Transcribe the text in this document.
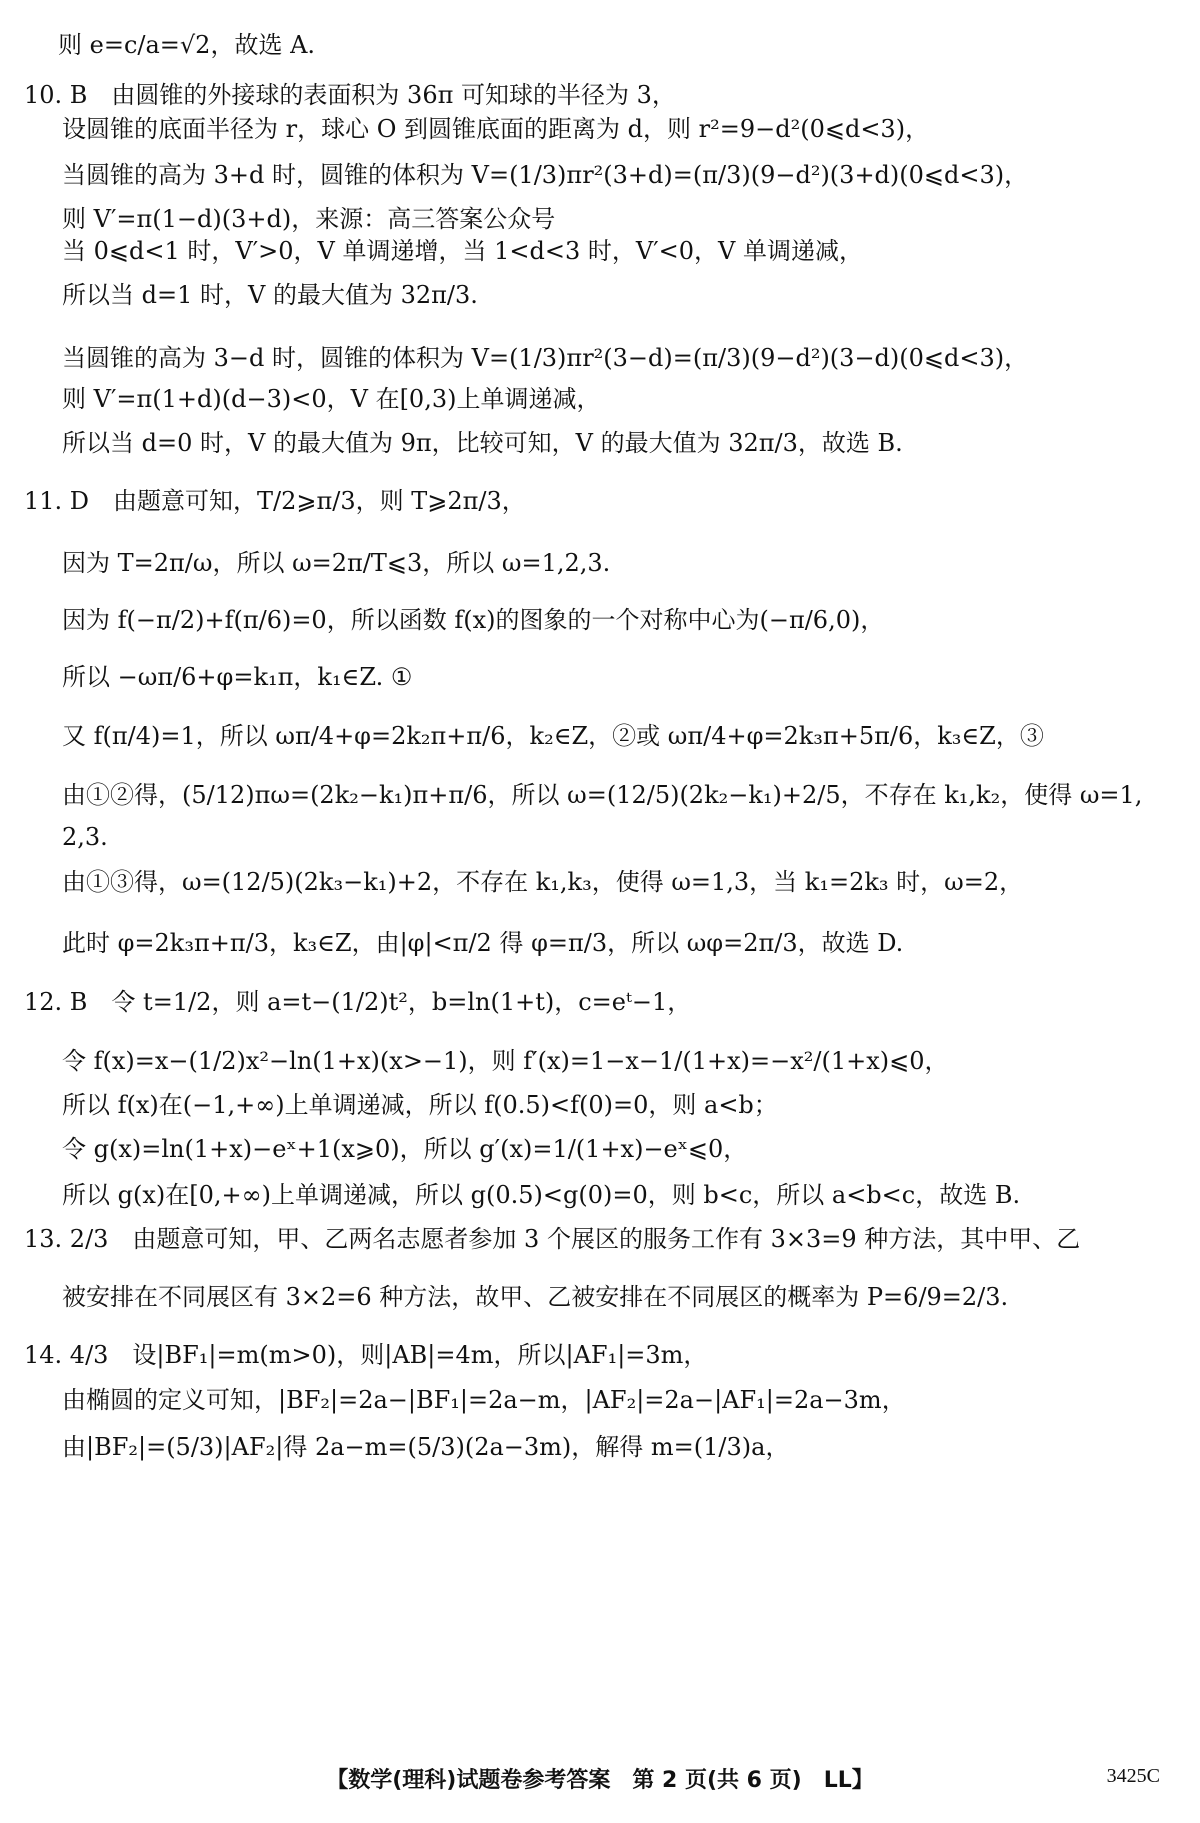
则 e=c/a=√2，故选 A.
10. B　由圆锥的外接球的表面积为 36π 可知球的半径为 3，
设圆锥的底面半径为 r，球心 O 到圆锥底面的距离为 d，则 r²=9−d²(0⩽d<3)，
当圆锥的高为 3+d 时，圆锥的体积为 V=(1/3)πr²(3+d)=(π/3)(9−d²)(3+d)(0⩽d<3)，
则 V′=π(1−d)(3+d)，来源：高三答案公众号
当 0⩽d<1 时，V′>0，V 单调递增，当 1<d<3 时，V′<0，V 单调递减，
所以当 d=1 时，V 的最大值为 32π/3.
当圆锥的高为 3−d 时，圆锥的体积为 V=(1/3)πr²(3−d)=(π/3)(9−d²)(3−d)(0⩽d<3)，
则 V′=π(1+d)(d−3)<0，V 在[0,3)上单调递减，
所以当 d=0 时，V 的最大值为 9π，比较可知，V 的最大值为 32π/3，故选 B.
11. D　由题意可知，T/2⩾π/3，则 T⩾2π/3，
因为 T=2π/ω，所以 ω=2π/T⩽3，所以 ω=1,2,3.
因为 f(−π/2)+f(π/6)=0，所以函数 f(x)的图象的一个对称中心为(−π/6,0)，
所以 −ωπ/6+φ=k₁π，k₁∈Z. ①
又 f(π/4)=1，所以 ωπ/4+φ=2k₂π+π/6，k₂∈Z，②或 ωπ/4+φ=2k₃π+5π/6，k₃∈Z，③
由①②得，(5/12)πω=(2k₂−k₁)π+π/6，所以 ω=(12/5)(2k₂−k₁)+2/5，不存在 k₁,k₂，使得 ω=1,
2,3.
由①③得，ω=(12/5)(2k₃−k₁)+2，不存在 k₁,k₃，使得 ω=1,3，当 k₁=2k₃ 时，ω=2，
此时 φ=2k₃π+π/3，k₃∈Z，由|φ|<π/2 得 φ=π/3，所以 ωφ=2π/3，故选 D.
12. B　令 t=1/2，则 a=t−(1/2)t²，b=ln(1+t)，c=eᵗ−1，
令 f(x)=x−(1/2)x²−ln(1+x)(x>−1)，则 f′(x)=1−x−1/(1+x)=−x²/(1+x)⩽0，
所以 f(x)在(−1,+∞)上单调递减，所以 f(0.5)<f(0)=0，则 a<b；
令 g(x)=ln(1+x)−eˣ+1(x⩾0)，所以 g′(x)=1/(1+x)−eˣ⩽0，
所以 g(x)在[0,+∞)上单调递减，所以 g(0.5)<g(0)=0，则 b<c，所以 a<b<c，故选 B.
13. 2/3　由题意可知，甲、乙两名志愿者参加 3 个展区的服务工作有 3×3=9 种方法，其中甲、乙
被安排在不同展区有 3×2=6 种方法，故甲、乙被安排在不同展区的概率为 P=6/9=2/3.
14. 4/3　设|BF₁|=m(m>0)，则|AB|=4m，所以|AF₁|=3m，
由椭圆的定义可知，|BF₂|=2a−|BF₁|=2a−m，|AF₂|=2a−|AF₁|=2a−3m，
由|BF₂|=(5/3)|AF₂|得 2a−m=(5/3)(2a−3m)，解得 m=(1/3)a，
【数学(理科)试题卷参考答案　第 2 页(共 6 页)　LL】	3425C
